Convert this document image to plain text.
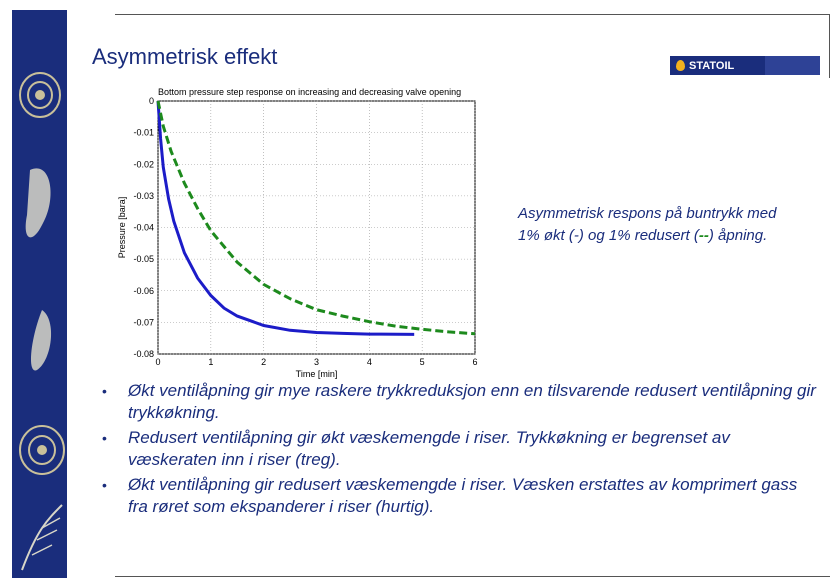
Asymmetrisk effekt	STATOIL
0	1	2	3	4	5	6
0
-0.01
-0.02
-0.03
-0.04
-0.05
-0.06
-0.07
-0.08
Bottom pressure step response on increasing and decreasing valve opening
Time [min]
Pressure [bara]	Asymmetrisk respons på buntrykk med 1% økt (-) og 1% redusert (--) åpning.
• Økt ventilåpning gir mye raskere trykkreduksjon enn en tilsvarende redusert ventilåpning gir trykkøkning.
• Redusert ventilåpning gir økt væskemengde i riser. Trykkøkning er begrenset av væskeraten inn i riser (treg).
• Økt ventilåpning gir redusert væskemengde i riser. Væsken erstattes av komprimert gass fra røret som ekspanderer i riser (hurtig).
